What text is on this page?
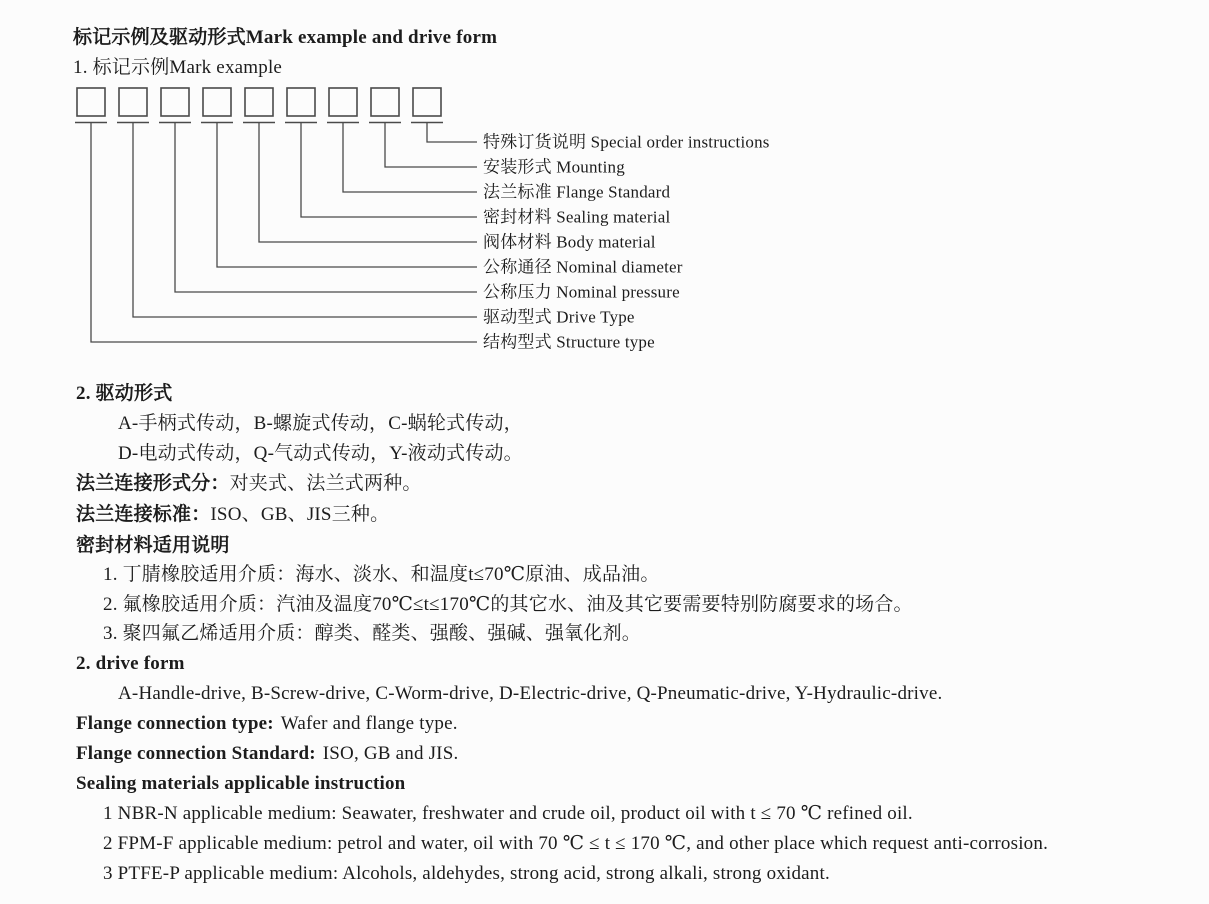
标记示例及驱动形式Mark example and drive form
1. 标记示例Mark example
特殊订货说明 Special order instructions
安装形式 Mounting
法兰标准 Flange Standard
密封材料 Sealing material
阀体材料 Body material
公称通径 Nominal diameter
公称压力 Nominal pressure
驱动型式 Drive Type
结构型式 Structure type
2. 驱动形式
A-手柄式传动，B-螺旋式传动，C-蜗轮式传动，
D-电动式传动，Q-气动式传动，Y-液动式传动。
法兰连接形式分：对夹式、法兰式两种。
法兰连接标准：ISO、GB、JIS三种。
密封材料适用说明
1. 丁腈橡胶适用介质：海水、淡水、和温度t≤70℃原油、成品油。
2. 氟橡胶适用介质：汽油及温度70℃≤t≤170℃的其它水、油及其它要需要特别防腐要求的场合。
3. 聚四氟乙烯适用介质：醇类、醛类、强酸、强碱、强氧化剂。
2. drive form
A-Handle-drive, B-Screw-drive, C-Worm-drive, D-Electric-drive, Q-Pneumatic-drive, Y-Hydraulic-drive.
Flange connection type: Wafer and flange type.
Flange connection Standard: ISO, GB and JIS.
Sealing materials applicable instruction
1 NBR-N applicable medium: Seawater, freshwater and crude oil, product oil with t ≤ 70 ℃ refined oil.
2 FPM-F applicable medium: petrol and water, oil with 70 ℃ ≤ t ≤ 170 ℃, and other place which request anti-corrosion.
3 PTFE-P applicable medium: Alcohols, aldehydes, strong acid, strong alkali, strong oxidant.
